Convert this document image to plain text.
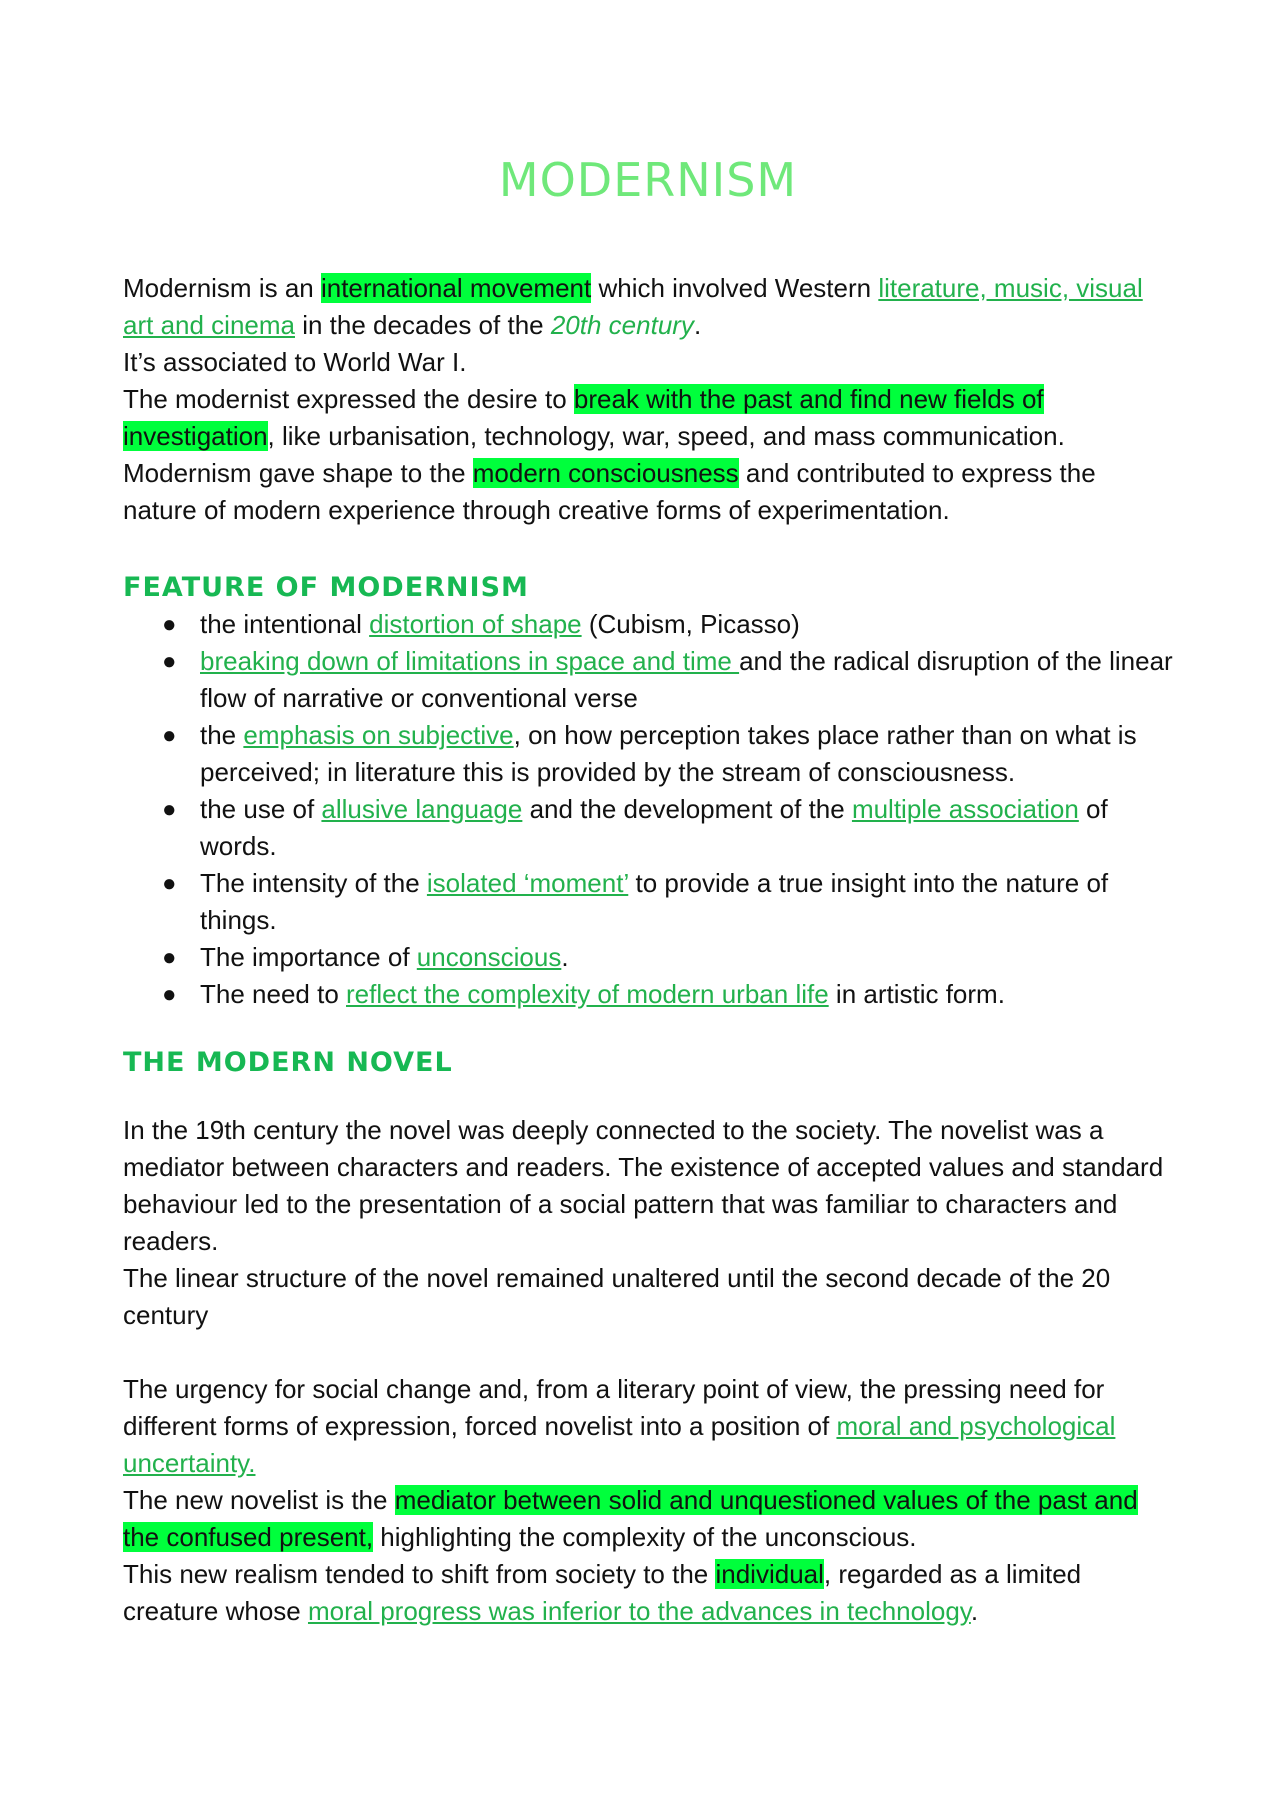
MODERNISM

Modernism is an international movement which involved Western literature, music, visual art and cinema in the decades of the 20th century.

It’s associated to World War I.

The modernist expressed the desire to break with the past and find new fields of investigation, like urbanisation, technology, war, speed, and mass communication.

Modernism gave shape to the modern consciousness and contributed to express the nature of modern experience through creative forms of experimentation.

FEATURE OF MODERNISM
● the intentional distortion of shape (Cubism, Picasso)
● breaking down of limitations in space and time and the radical disruption of the linear flow of narrative or conventional verse
● the emphasis on subjective, on how perception takes place rather than on what is perceived; in literature this is provided by the stream of consciousness.
● the use of allusive language and the development of the multiple association of words.
● The intensity of the isolated ‘moment’ to provide a true insight into the nature of things.
● The importance of unconscious.
● The need to reflect the complexity of modern urban life in artistic form.
THE MODERN NOVEL

In the 19th century the novel was deeply connected to the society. The novelist was a mediator between characters and readers. The existence of accepted values and standard behaviour led to the presentation of a social pattern that was familiar to characters and readers.

The linear structure of the novel remained unaltered until the second decade of the 20 century

The urgency for social change and, from a literary point of view, the pressing need for different forms of expression, forced novelist into a position of moral and psychological uncertainty.

The new novelist is the mediator between solid and unquestioned values of the past and the confused present, highlighting the complexity of the unconscious.

This new realism tended to shift from society to the individual, regarded as a limited creature whose moral progress was inferior to the advances in technology.
